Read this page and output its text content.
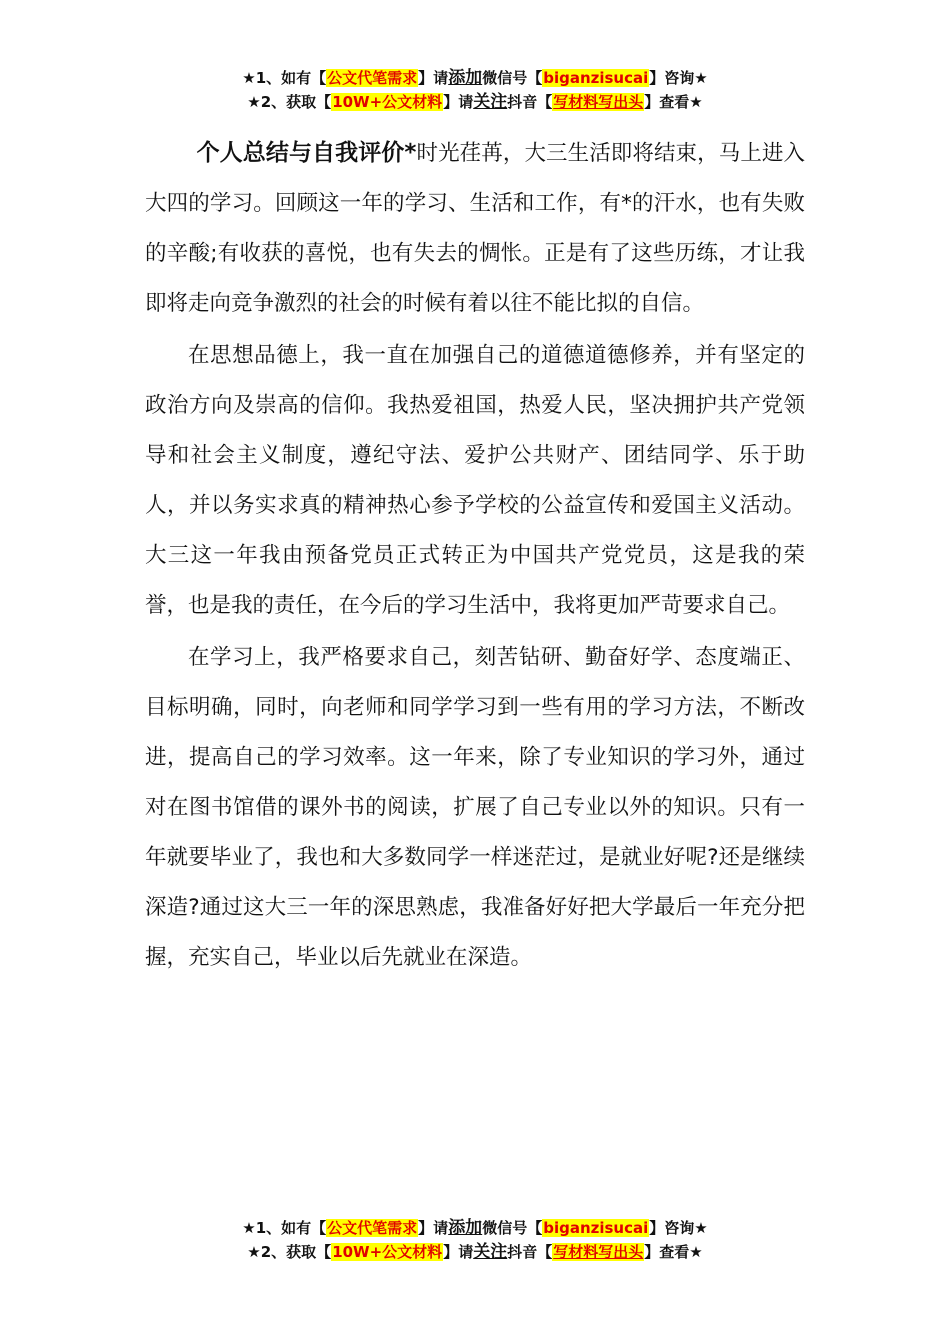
★1、如有【公文代笔需求】请添加微信号【biganzisucai】咨询★
★2、获取【10W+公文材料】请关注抖音【写材料写出头】查看★

个人总结与自我评价*时光荏苒，大三生活即将结束，马上进入大四的学习。回顾这一年的学习、生活和工作，有*的汗水，也有失败的辛酸;有收获的喜悦，也有失去的惆怅。正是有了这些历练，才让我即将走向竞争激烈的社会的时候有着以往不能比拟的自信。

在思想品德上，我一直在加强自己的道德道德修养，并有坚定的政治方向及崇高的信仰。我热爱祖国，热爱人民，坚决拥护共产党领导和社会主义制度，遵纪守法、爱护公共财产、团结同学、乐于助人，并以务实求真的精神热心参予学校的公益宣传和爱国主义活动。大三这一年我由预备党员正式转正为中国共产党党员，这是我的荣誉，也是我的责任，在今后的学习生活中，我将更加严苛要求自己。

在学习上，我严格要求自己，刻苦钻研、勤奋好学、态度端正、目标明确，同时，向老师和同学学习到一些有用的学习方法，不断改进，提高自己的学习效率。这一年来，除了专业知识的学习外，通过对在图书馆借的课外书的阅读，扩展了自己专业以外的知识。只有一年就要毕业了，我也和大多数同学一样迷茫过，是就业好呢?还是继续深造?通过这大三一年的深思熟虑，我准备好好把大学最后一年充分把握，充实自己，毕业以后先就业在深造。

★1、如有【公文代笔需求】请添加微信号【biganzisucai】咨询★
★2、获取【10W+公文材料】请关注抖音【写材料写出头】查看★
